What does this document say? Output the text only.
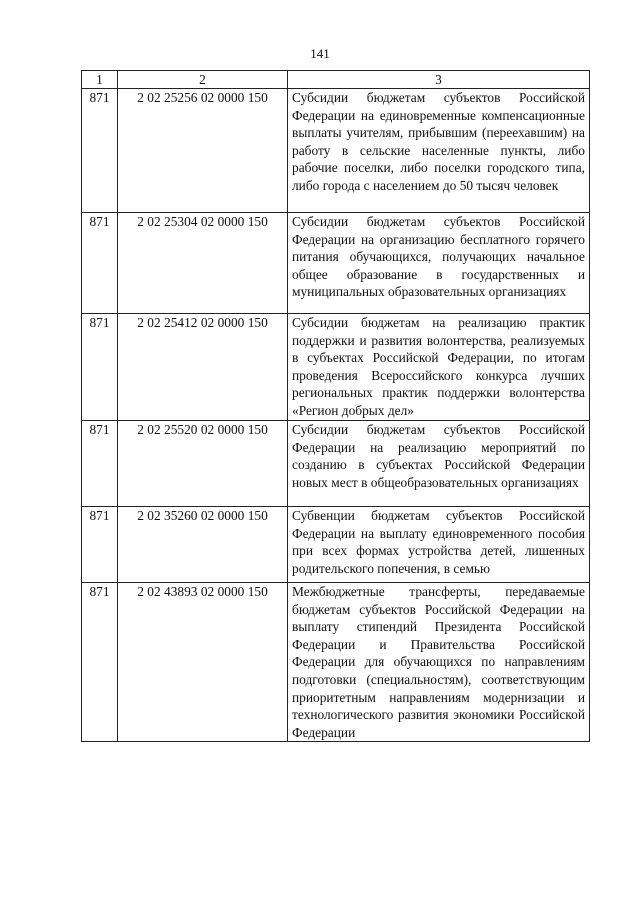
141
1	2	3
871	2 02 25256 02 0000 150	Субсидии бюджетам субъектов Российской Федерации на единовременные компенсационные выплаты учителям, прибывшим (переехавшим) на работу в сельские населенные пункты, либо рабочие поселки, либо поселки городского типа, либо города с населением до 50 тысяч человек
871	2 02 25304 02 0000 150	Субсидии бюджетам субъектов Российской Федерации на организацию бесплатного горячего питания обучающихся, получающих начальное общее образование в государственных и муниципальных образовательных организациях
871	2 02 25412 02 0000 150	Субсидии бюджетам на реализацию практик поддержки и развития волонтерства, реализуемых в субъектах Российской Федерации, по итогам проведения Всероссийского конкурса лучших региональных практик поддержки волонтерства «Регион добрых дел»
871	2 02 25520 02 0000 150	Субсидии бюджетам субъектов Российской Федерации на реализацию мероприятий по созданию в субъектах Российской Федерации новых мест в общеобразовательных организациях
871	2 02 35260 02 0000 150	Субвенции бюджетам субъектов Российской Федерации на выплату единовременного пособия при всех формах устройства детей, лишенных родительского попечения, в семью
871	2 02 43893 02 0000 150	Межбюджетные трансферты, передаваемые бюджетам субъектов Российской Федерации на выплату стипендий Президента Российской Федерации и Правительства Российской Федерации для обучающихся по направлениям подготовки (специальностям), соответствующим приоритетным направлениям модернизации и технологического развития экономики Российской Федерации
